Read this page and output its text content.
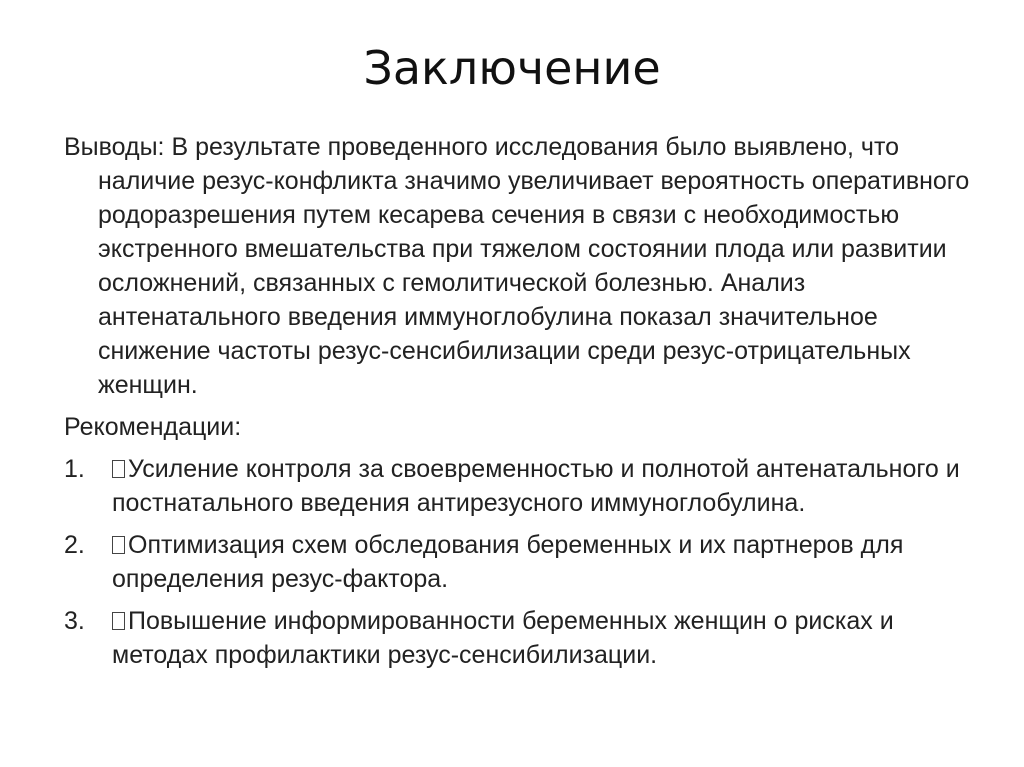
Заключение

Выводы: В результате проведенного исследования было выявлено, что наличие резус-конфликта значимо увеличивает вероятность оперативного родоразрешения путем кесарева сечения в связи с необходимостью экстренного вмешательства при тяжелом состоянии плода или развитии осложнений, связанных с гемолитической болезнью. Анализ антенатального введения иммуноглобулина показал значительное снижение частоты резус-сенсибилизации среди резус-отрицательных женщин.

Рекомендации:

1. Усиление контроля за своевременностью и полнотой антенатального и постнатального введения антирезусного иммуноглобулина.
2. Оптимизация схем обследования беременных и их партнеров для определения резус-фактора.
3. Повышение информированности беременных женщин о рисках и методах профилактики резус-сенсибилизации.
